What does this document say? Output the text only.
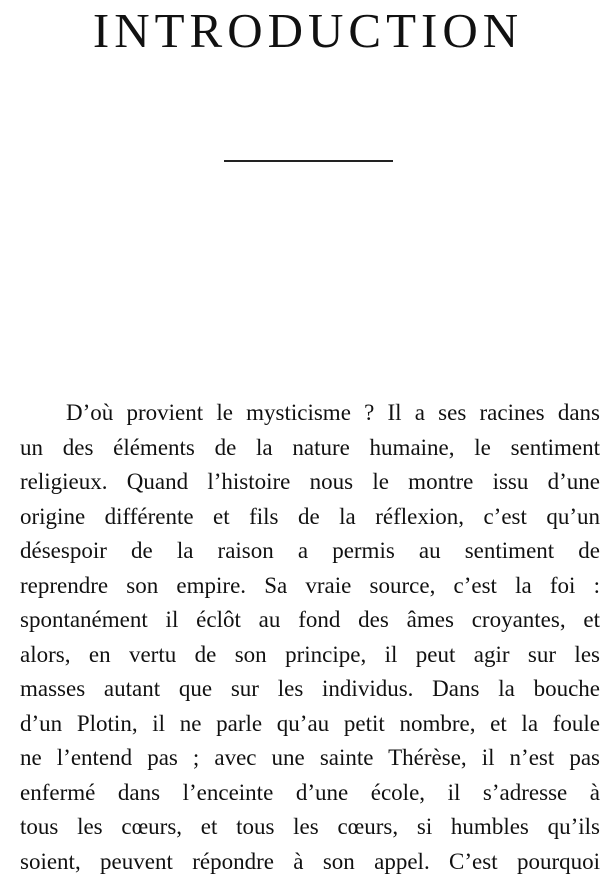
INTRODUCTION
D’où provient le mysticisme ? Il a ses racines dans
un des éléments de la nature humaine, le sentiment
religieux. Quand l’histoire nous le montre issu d’une
origine différente et fils de la réflexion, c’est qu’un
désespoir de la raison a permis au sentiment de
reprendre son empire. Sa vraie source, c’est la foi :
spontanément il éclôt au fond des âmes croyantes, et
alors, en vertu de son principe, il peut agir sur les
masses autant que sur les individus. Dans la bouche
d’un Plotin, il ne parle qu’au petit nombre, et la foule
ne l’entend pas ; avec une sainte Thérèse, il n’est pas
enfermé dans l’enceinte d’une école, il s’adresse à
tous les cœurs, et tous les cœurs, si humbles qu’ils
soient, peuvent répondre à son appel. C’est pourquoi
